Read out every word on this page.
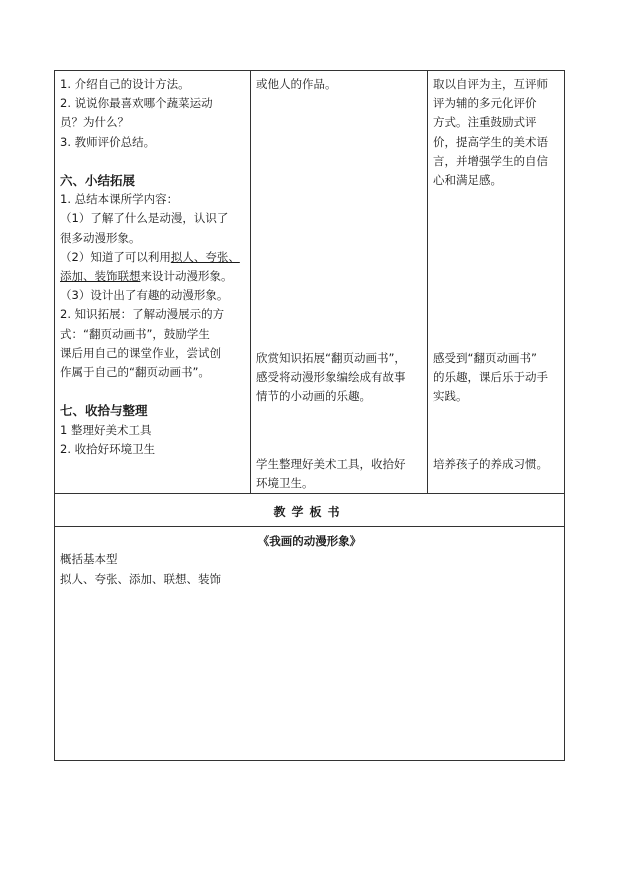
1. 介绍自己的设计方法。
2. 说说你最喜欢哪个蔬菜运动
员？为什么？
3. 教师评价总结。
六、小结拓展
1. 总结本课所学内容：
（1）了解了什么是动漫，认识了
很多动漫形象。
（2）知道了可以利用拟人、夸张、
添加、装饰联想来设计动漫形象。
（3）设计出了有趣的动漫形象。
2. 知识拓展：了解动漫展示的方
式：“翻页动画书”，鼓励学生
课后用自己的课堂作业，尝试创
作属于自己的“翻页动画书”。
七、收拾与整理
1 整理好美术工具
2. 收拾好环境卫生

或他人的作品。
欣赏知识拓展“翻页动画书”，
感受将动漫形象编绘成有故事
情节的小动画的乐趣。
学生整理好美术工具，收拾好
环境卫生。

取以自评为主，互评师
评为辅的多元化评价
方式。注重鼓励式评
价，提高学生的美术语
言，并增强学生的自信
心和满足感。
感受到“翻页动画书”
的乐趣，课后乐于动手
实践。
培养孩子的养成习惯。

教学板书

《我画的动漫形象》
概括基本型
拟人、夸张、添加、联想、装饰
